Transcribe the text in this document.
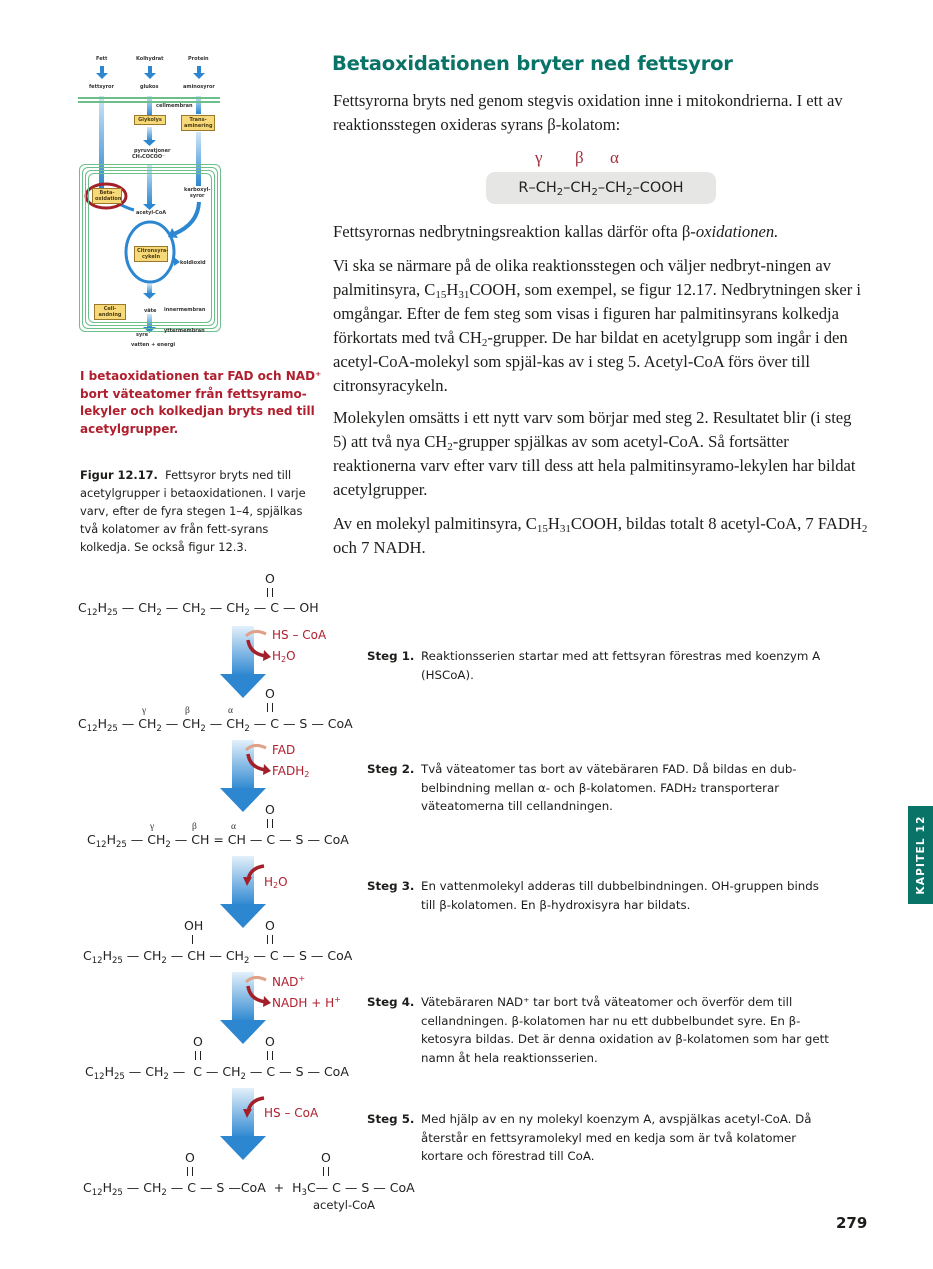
Fett	Kolhydrat	Protein
fettsyror	glukos	aminosyror
cellmembran
Glykolys	Trans-
aminering
pyruvatjoner
CH₃COCOO⁻
Beta-
oxidation
karboxyl-
syror
acetyl-CoA
Citronsyra-
cykeln
koldioxid
Cell-
andning
väte innermembran
syre
yttermembran
vatten + energi
I betaoxidationen tar FAD och NAD⁺ bort väteatomer från fettsyramo-lekyler och kolkedjan bryts ned till acetylgrupper.
Figur 12.17. Fettsyror bryts ned till acetylgrupper i betaoxidationen. I varje varv, efter de fyra stegen 1–4, spjälkas två kolatomer av från fett-syrans kolkedja. Se också figur 12.3.
Betaoxidationen bryter ned fettsyror
Fettsyrorna bryts ned genom stegvis oxidation inne i mitokondrierna. I ett av reaktionsstegen oxideras syrans β-kolatom:
γ β α
$R-CH_2-CH_2-CH_2$–COOH
Fettsyrornas nedbrytningsreaktion kallas därför ofta β-oxidationen.
Vi ska se närmare på de olika reaktionsstegen och väljer nedbryt-ningen av palmitinsyra, $C_{15}H_{31}COOH$, som exempel, se figur 12.17. Nedbrytningen sker i omgångar. Efter de fem steg som visas i figuren har palmitinsyrans kolkedja förkortats med två $CH_2$-grupper. De har bildat en acetylgrupp som ingår i den acetyl-CoA-molekyl som spjäl-kas av i steg 5. Acetyl-CoA förs över till citronsyracykeln.
Molekylen omsätts i ett nytt varv som börjar med steg 2. Resultatet blir (i steg 5) att två nya $CH_2$-grupper spjälkas av som acetyl-CoA. Så fortsätter reaktionerna varv efter varv till dess att hela palmitinsyramo-lekylen har bildat acetylgrupper.
Av en molekyl palmitinsyra, $C_{15}H_{31}COOH$, bildas totalt 8 acetyl-CoA, 7 $FADH_2$ och 7 NADH.
O
$C_{12}H_{25}$ — $CH_2$ — $CH_2$ — $CH_2$ — C — OH
HS – CoA
$H_2O$
O
γ	β	α
$C_{12}H_{25}$ — $CH_2$ — $CH_2$ — $CH_2$ — C — S — CoA
FAD
$FADH_2$
O
γ	β	α
$C_{12}H_{25}$ — $CH_2$ — CH = CH — C — S — CoA
$H_2O$
OH	O
$C_{12}H_{25}$ — $CH_2$ — CH — $CH_2$ — C — S — CoA
NAD+
NADH + H+
O	O
$C_{12}H_{25}$ — $CH_2$ —  C — $CH_2$ — C — S — CoA
HS – CoA
O	O
$C_{12}H_{25}$ — $CH_2$ — C — S —CoA  +  $H_3C—$ C — S — CoA
acetyl-CoA
Steg 1. Reaktionsserien startar med att fettsyran förestras med koenzym A (HSCoA).
Steg 2. Två väteatomer tas bort av vätebäraren FAD. Då bildas en dub-belbindning mellan α- och β-kolatomen. FADH₂ transporterar väteatomerna till cellandningen.
Steg 3. En vattenmolekyl adderas till dubbelbindningen. OH-gruppen binds till β-kolatomen. En β-hydroxisyra har bildats.
Steg 4. Vätebäraren NAD⁺ tar bort två väteatomer och överför dem till cellandningen. β-kolatomen har nu ett dubbelbundet syre. En β-ketosyra bildas. Det är denna oxidation av β-kolatomen som har gett namn åt hela reaktionsserien.
Steg 5. Med hjälp av en ny molekyl koenzym A, avspjälkas acetyl-CoA. Då återstår en fettsyramolekyl med en kedja som är två kolatomer kortare och förestrad till CoA.
KAPITEL 12
279
